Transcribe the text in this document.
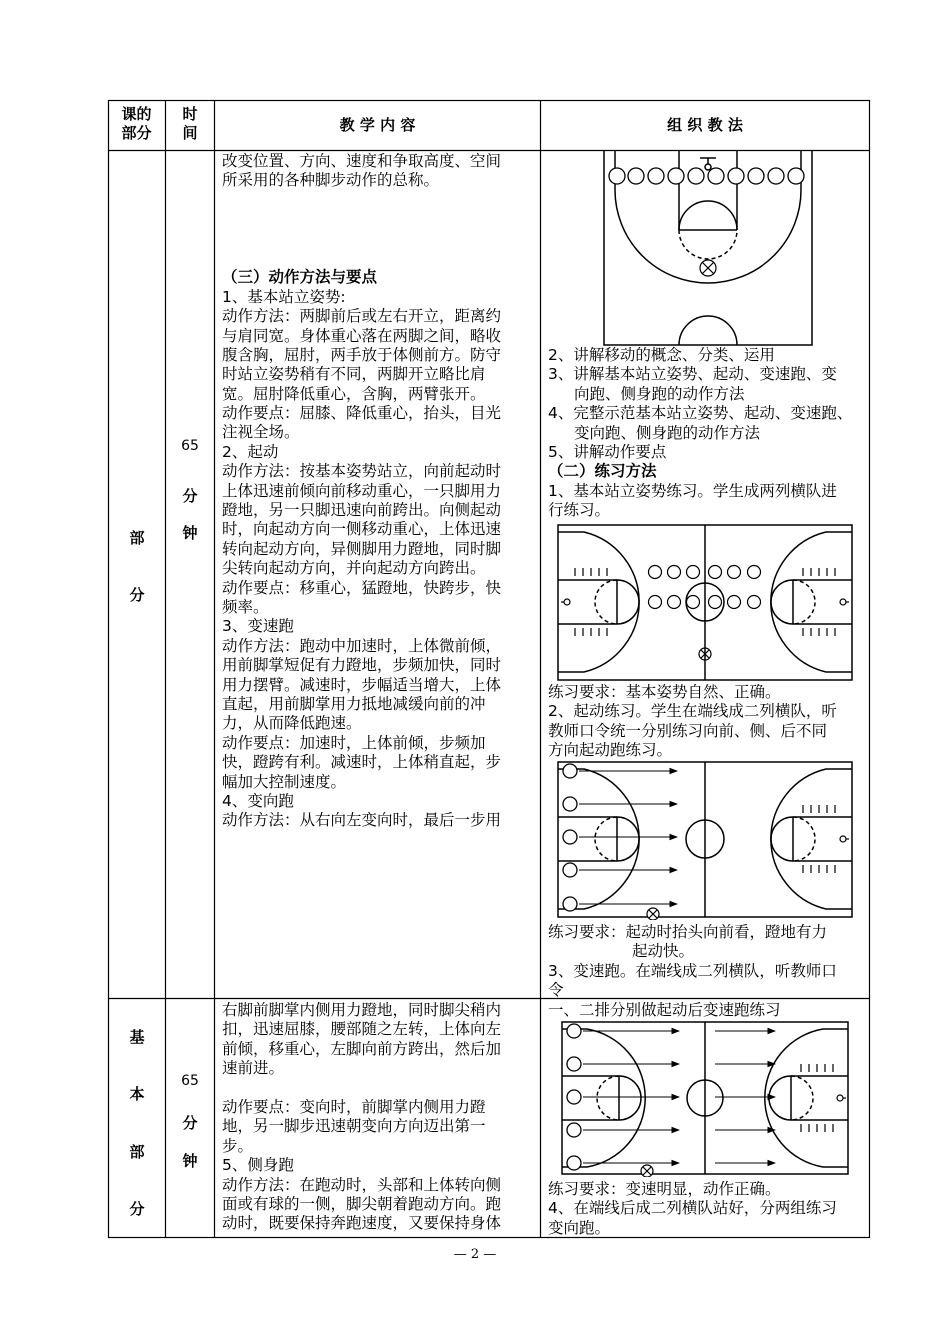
课的
部分
时
间	教 学 内 容	组 织 教 法
部
分
65
分
钟
改变位置、方向、速度和争取高度、空间
所采用的各种脚步动作的总称。
（三）动作方法与要点
1、基本站立姿势:
动作方法：两脚前后或左右开立，距离约
与肩同宽。身体重心落在两脚之间，略收
腹含胸，屈肘，两手放于体侧前方。防守
时站立姿势稍有不同，两脚开立略比肩
宽。屈肘降低重心，含胸，两臂张开。
动作要点：屈膝、降低重心，抬头，目光
注视全场。
2、起动
动作方法：按基本姿势站立，向前起动时
上体迅速前倾向前移动重心，一只脚用力
蹬地，另一只脚迅速向前跨出。向侧起动
时，向起动方向一侧移动重心，上体迅速
转向起动方向，异侧脚用力蹬地，同时脚
尖转向起动方向，并向起动方向跨出。
动作要点：移重心，猛蹬地，快跨步，快
频率。
3、变速跑
动作方法：跑动中加速时，上体微前倾，
用前脚掌短促有力蹬地，步频加快，同时
用力摆臂。减速时，步幅适当增大，上体
直起，用前脚掌用力抵地减缓向前的冲
力，从而降低跑速。
动作要点：加速时，上体前倾，步频加
快，蹬跨有利。减速时，上体稍直起，步
幅加大控制速度。
4、变向跑
动作方法：从右向左变向时，最后一步用
2、讲解移动的概念、分类、运用
3、讲解基本站立姿势、起动、变速跑、变
向跑、侧身跑的动作方法
4、完整示范基本站立姿势、起动、变速跑、
变向跑、侧身跑的动作方法
5、讲解动作要点
（二）练习方法
1、基本站立姿势练习。学生成两列横队进
行练习。
练习要求：基本姿势自然、正确。
2、起动练习。学生在端线成二列横队，听
教师口令统一分别练习向前、侧、后不同
方向起动跑练习。
练习要求：起动时抬头向前看，蹬地有力
起动快。
3、变速跑。在端线成二列横队，听教师口
令
基
本
部
分
65
分
钟
右脚前脚掌内侧用力蹬地，同时脚尖稍内
扣，迅速屈膝，腰部随之左转，上体向左
前倾，移重心，左脚向前方跨出，然后加
速前进。
动作要点：变向时，前脚掌内侧用力蹬
地，另一脚步迅速朝变向方向迈出第一
步。
5、侧身跑
动作方法：在跑动时，头部和上体转向侧
面或有球的一侧，脚尖朝着跑动方向。跑
动时，既要保持奔跑速度，又要保持身体
一、二排分别做起动后变速跑练习
练习要求：变速明显，动作正确。
4、在端线后成二列横队站好，分两组练习
变向跑。
— 2 —
